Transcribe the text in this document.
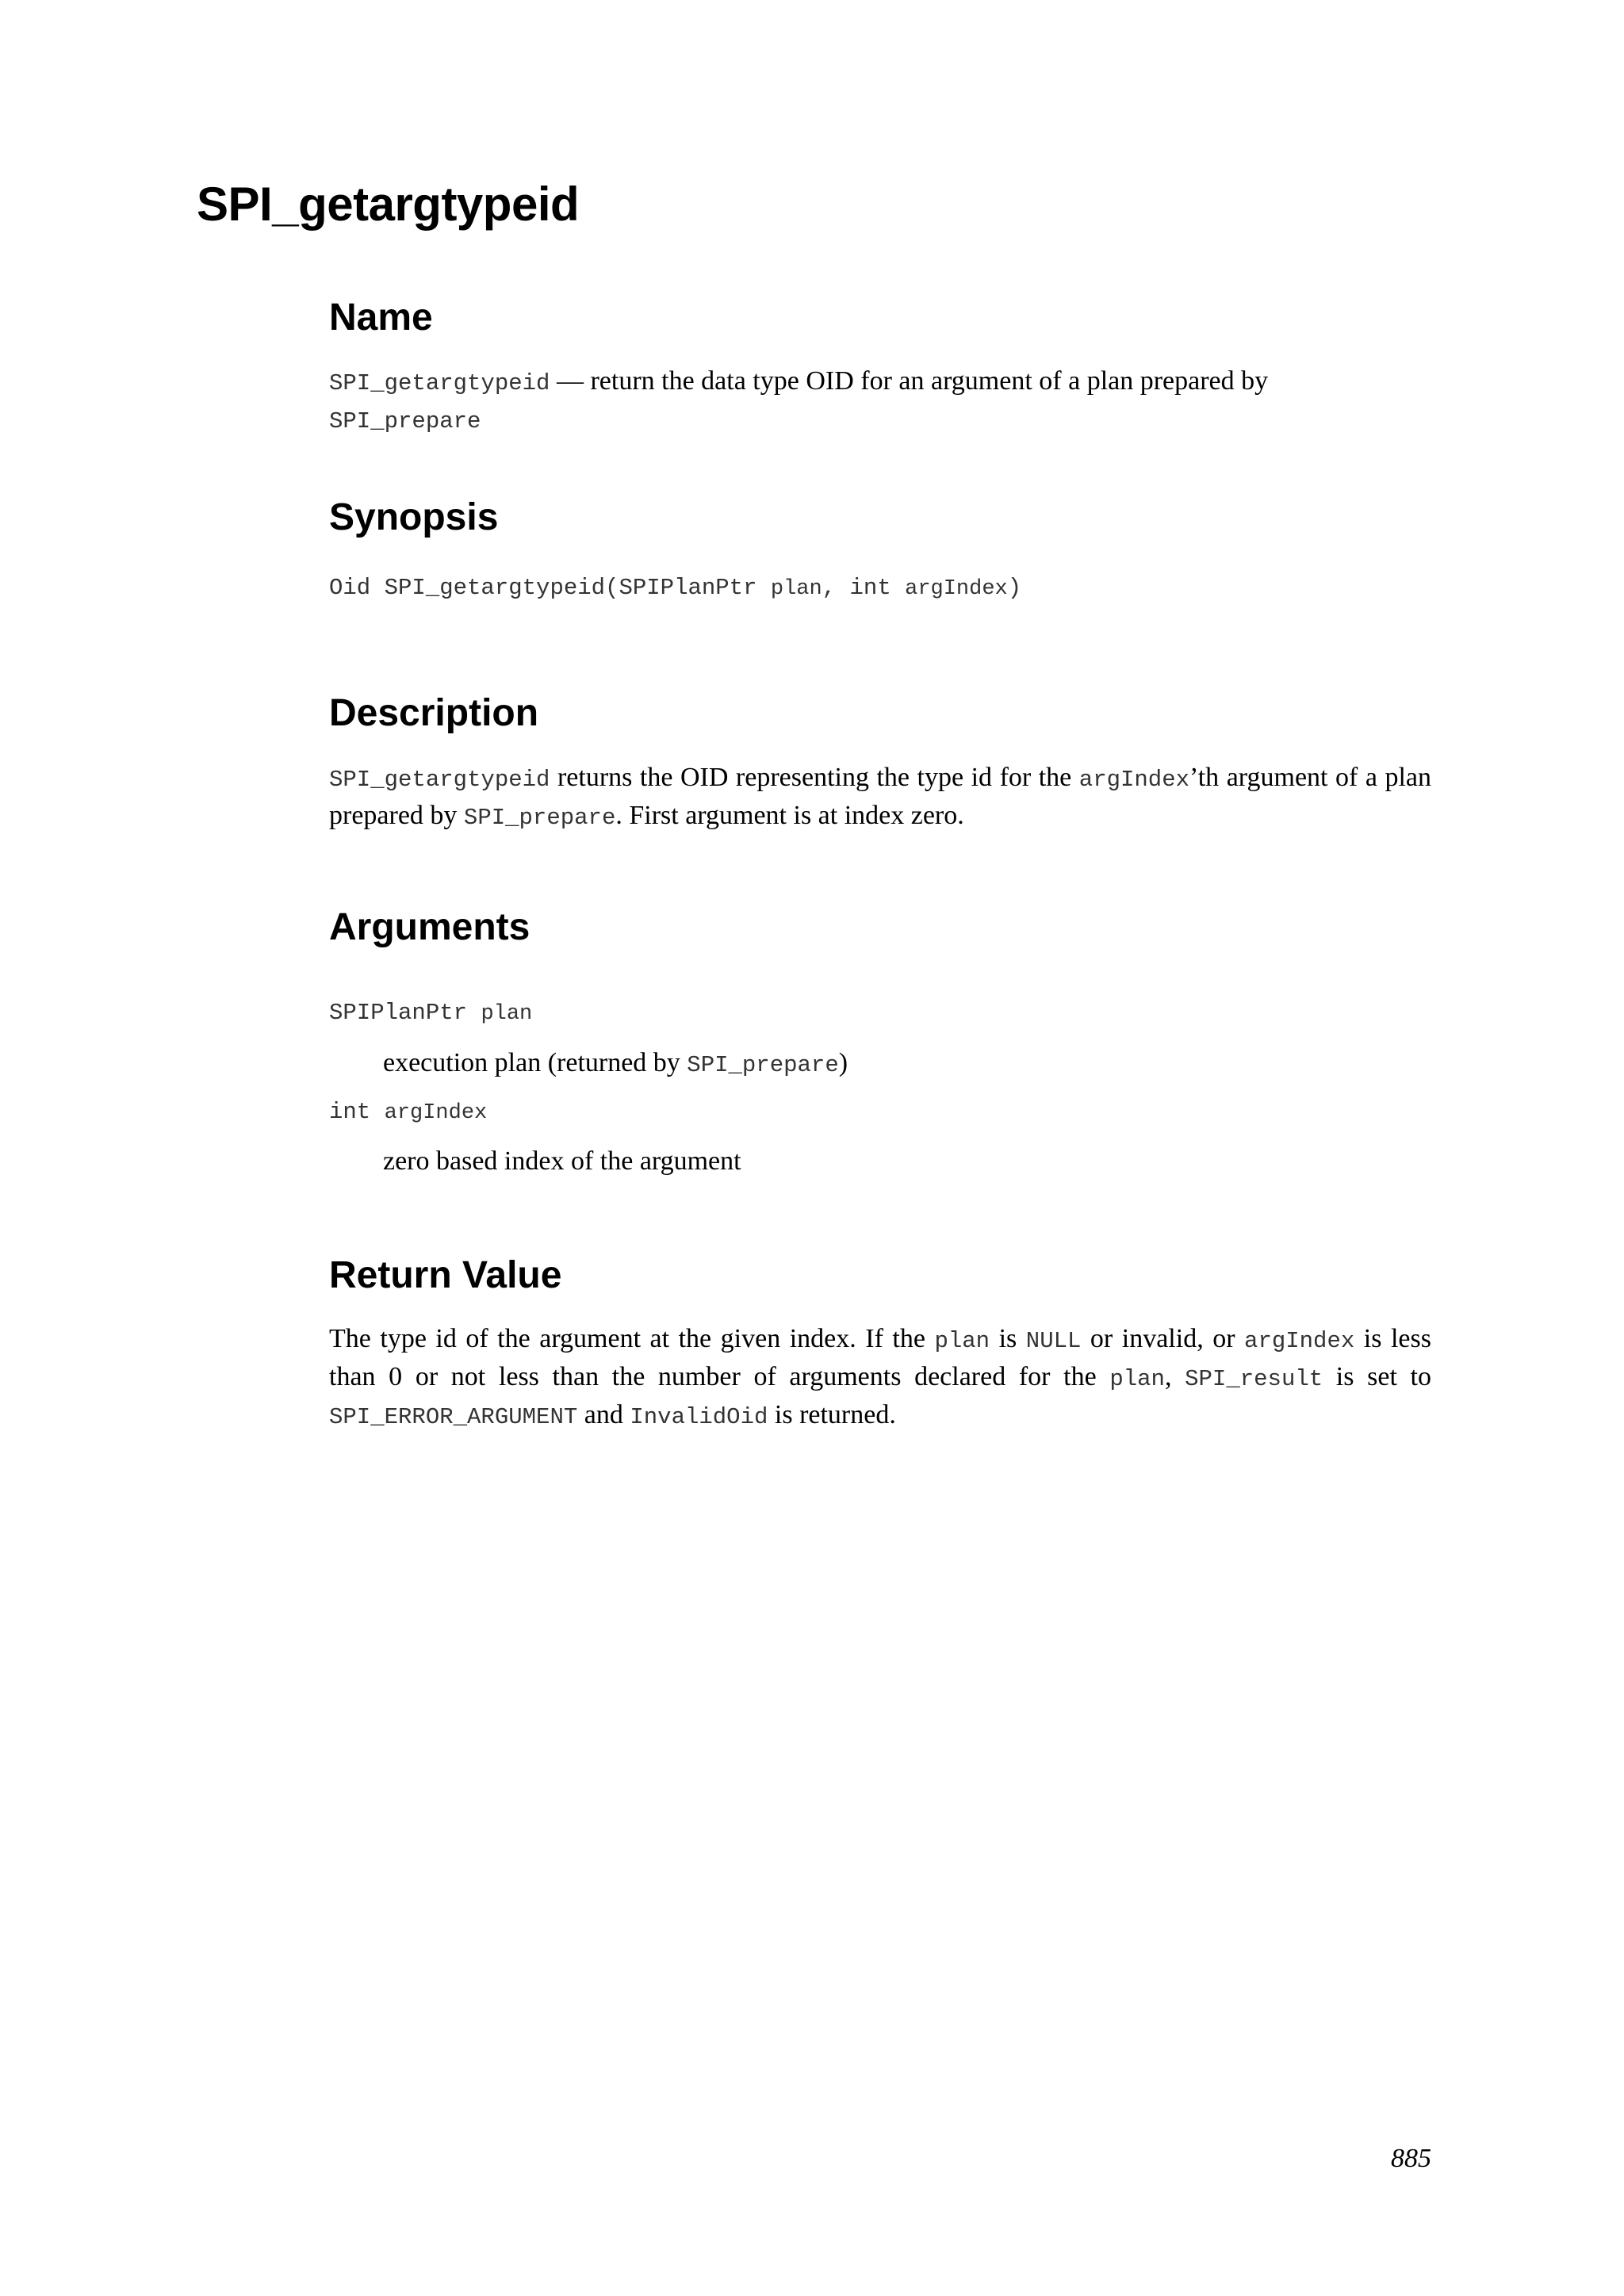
SPI_getargtypeid
Name

SPI_getargtypeid — return the data type OID for an argument of a plan prepared by
SPI_prepare

Synopsis

Oid SPI_getargtypeid(SPIPlanPtr plan, int argIndex)

Description

SPI_getargtypeid returns the OID representing the type id for the argIndex’th argument of a plan prepared by SPI_prepare. First argument is at index zero.

Arguments

SPIPlanPtr plan

execution plan (returned by SPI_prepare)

int argIndex

zero based index of the argument

Return Value

The type id of the argument at the given index. If the plan is NULL or invalid, or argIndex is less than 0 or not less than the number of arguments declared for the plan, SPI_result is set to SPI_ERROR_ARGUMENT and InvalidOid is returned.

885
